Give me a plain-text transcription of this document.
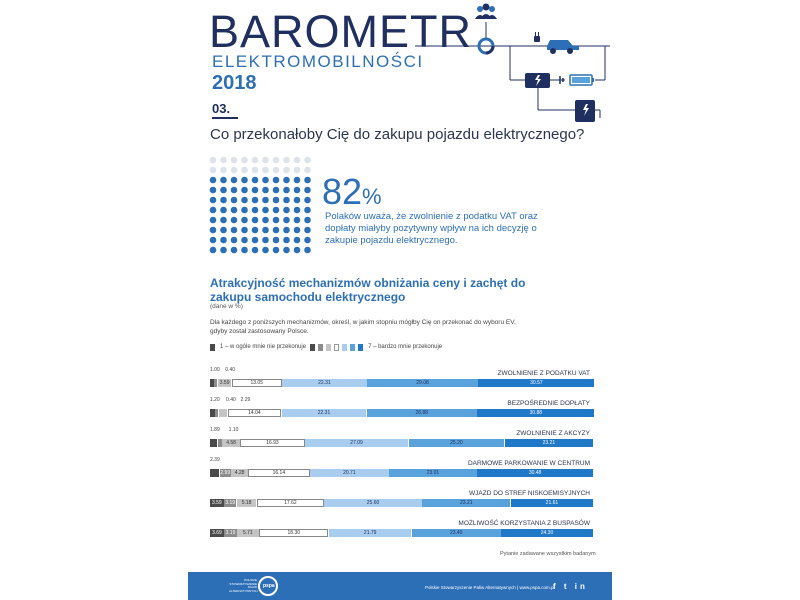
BAROMETR
ELEKTROMOBILNOŚCI
2018
03.
Co przekonałoby Cię do zakupu pojazdu elektrycznego?
82%
Polaków uważa, że zwolnienie z podatku VAT oraz dopłaty miałyby pozytywny wpływ na ich decyzję o zakupie pojazdu elektrycznego.
Atrakcyjność mechanizmów obniżania ceny i zachęt do zakupu samochodu elektrycznego
(dane w %)
Dla każdego z poniższych mechanizmów, określ, w jakim stopniu mógłby Cię on przekonać do wyboru EV, gdyby został zastosowany Polsce.
1 – w ogóle mnie nie przekonuje	7 – bardzo mnie przekonuje
ZWOLNIENIE Z PODATKU VAT
1.00 0.40
3.59	13.05	22.31	29.08	30.57
BEZPOŚREDNIE DOPŁATY
1.20 0.40 2.29
14.04	22.31	28.88	30.88
ZWOLNIENIE Z AKCYZY
1.89 1.10
4.58	16.93	27.09	25.20	23.21
DARMOWE PARKOWANIE W CENTRUM
2.39
2.99 4.28	16.14	20.71	23.01	30.48
WJAZD DO STREF NISKOEMISYJNYCH
3.59 3.19 5.18	17.62	25.60	23.21	21.61
MOŻLIWOŚĆ KORZYSTANIA Z BUSPASÓW
3.69 3.19 5.71	18.30	21.79	23.40	24.30
Pytanie zadawane wszystkim badanym
POLSKIE STOWARZYSZENIE PALIW ALTERNATYWNYCH
pspa	Polskie Stowarzyszenie Paliw Alternatywnych | www.pspa.com.pl
f t in
